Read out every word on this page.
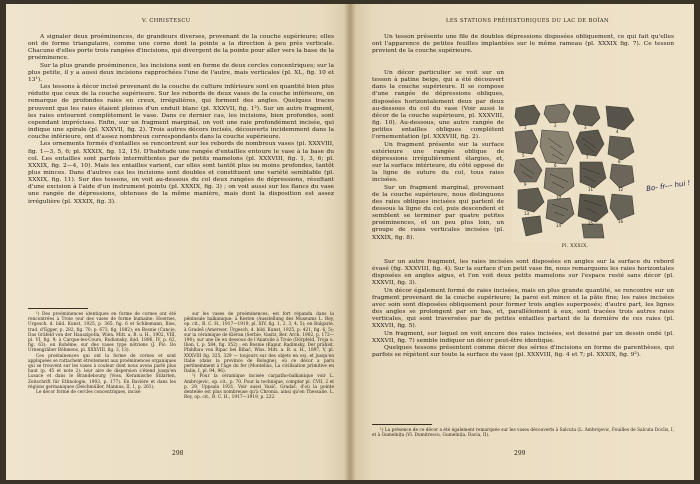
V. CHRISTESCU

A signaler deux proéminences, de grandeurs diverses, provenant de la couche supérieure; elles ont de forme triangulaire, comme une corne dont la pointe a la direction à peu près verticale. Chacune d'elles porte trois rangées d'incisions, qui divergent de la pointe pour aller vers la base de la proéminence.

Sur la plus grande proéminence, les incisions sont en forme de deux cercles concentriques; sur la plus petite, il y a aussi deux incisions rapprochées l'une de l'autre, mais verticales (pl. XL, fig. 10 et 13¹).

Les tessons à décor incisé provenant de la couche de culture inférieure sont en quantité bien plus réduite que ceux de la couche supérieure. Sur les rebords de deux vases de la couche inférieure, on remarque de profondes raies en creux, irrégulières, qui forment des angles. Quelques traces prouvent que les raies étaient pleines d'un enduit blanc (pl. XXXVII, fig. 1²). Sur un autre fragment, les raies entourent complètement le vase. Dans ce dernier cas, les incisions, bien profondes, sont cependant imprécises. Enfin, sur un fragment marginal, on voit une raie profondément incisée, qui indique une spirale (pl. XXXVII, fig. 2). Trois autres décors incisés, découverts incidemment dans la couche inférieure, ont d'assez nombreux correspondants dans la couche supérieure.

Les ornements formés d'entailles se rencontrent sur les rebords de nombreux vases (pl. XXXVIII, fig. 1—3, 5, 6; pl. XXXIX, fig. 12, 15). D'habitude une rangée d'entailles entoure le vase à la base du col. Les entailles sont parfois intermittentes par de petits mamelons (pl. XXXVIII, fig. 1, 3, 6; pl. XXXIX, fig. 2—4, 10). Mais les entailles varient, car elles sont tantôt plus ou moins profondes, tantôt plus minces. Dans d'autres cas les incisions sont doubles et constituent une variété semblable (pl. XXXIX, fig. 11). Sur des tessons, on voit au-dessous du col deux rangées de dépressions, résultant d'une excision à l'aide d'un instrument pointu (pl. XXXIX, fig. 3) ; on voit aussi sur les flancs du vase une rangée de dépressions, obtenues de la même manière, mais dont la disposition est assez irrégulière (pl. XXXIX, fig. 3).

¹) Des proéminences identiques en forme de cornes ont été rencontrées à Troie (sur des vases de forme humaine: Hoernes, Urgesch. d. bild. Kunst, 1925, p. 365, fig. 6 et Schliemann, Ilios, trad. d'Egger, p. 282, fig. 70; p. 673, fig. 1082); en Bosnie (Cancie, Das Gräfeld von der Hauszipotla, Wien. Mitt. a. B. u. H., 1902, VIII, pl. VI, fig. 9; à Carque-les-Cours, Rodionsky, ibid. 1896, IV, p. 62, fig. 63); en Bohême; sur des vases type nôtriens (J. Pic: Do Urnengräber Böhmens, pl. XXXVIII, fig. 3, 13).

Ces proéminences qui ont la forme de cornes et sont appliquées se rattachent étroitement aux proéminences organiques qui se trouvent sur les vases à couleur dont nous avons parlé plus haut (p. 45 et note 2): leur aire de dispersion s'étend jusqu'en Lusace et dans le Brandebourg (Voss, Keramische Stilarten, Zeitschrift für Ethnologie, 1903, p. 177). En Bavière et dans les régions germaniques (Deichmüller, Mannus, II, 1, p. 261).

Le décor formé de cercles concentriques, incisé

sur les vases de proéminences, est fort répandu dans la péninsule balkanique: à Kesten (Ausstellung des Museums L. Rey, op. cit., B. C. H., 1917—1919, pl. XIV, fig. 1, 2, 3, 4, 5); en Bulgarie, à Gradeš (Amerwer, Ürgesch. d. bild. Kunst, 1925, p. 421, fig. 6, 5); sur la céramique de Kiéran (Serbie, Vasitz, Ber. Arch. 1902, p. 172—190); sur une île en dessous de l'Anatolie à Troie (Dörpfeld, Troja u. Ilion, I, p. 584, fig. 352) ; en Bosnie (Kapur, Radimsky, Der prähist. Pfahlbau von Ripac bei Bihać, Wiss. Mitt. a. B. u. H., 1897, V, pl. XXXVIII fig. 325, 329 — toujours sur des objets en os), et jusqu'en Italie (dans la province de Bologne), où ce décor a paru pertinemment à l'âge du fer (Montelius, La civilisation primitive en Italie, I, pl. 94, 96).

²) Pour la céramique incisée carpatho-balkanique voir L. Ambrojevic, op. cit., p. 70. Pour la technique, compter pl. CVII, 2 et p. 29, Uppsala 1931. Voir aussi Vasić, Gradač, d'où la pointe dentelée est plus nombreuse qu'à Chronia, ainsi qu'en Thessalie. L. Rey, op. cit., B. C. H., 1917—1919, p. 222.

298
LES STATIONS PRÉHISTORIQUES DU LAC DE BOÏAN

Un tesson présente une file de doubles dépressions disposées obliquement, ce qui fait qu'elles ont l'apparence de petites feuilles implantées sur le même rameau (pl. XXXIX fig. 7). Ce tesson provient de la couche supérieure.

Un décor particulier se voit sur un tesson à patine beige, qui a été découvert dans la couche supérieure. Il se compose d'une rangée de dépressions obliques, disposées horizontalement deux par deux au-dessous du col du vase (Voir aussi le décor de la couche supérieure, pl. XXXVIII, fig. 10). Au-dessous, une autre rangée de petites entailles obliques complètent l'ornementation (pl. XXXVIII, fig. 2).

Un fragment présente sur la surface extérieure une rangée oblique de dépressions irrégulièrement élargies, et, sur la surface intérieure, du côté opposé de la ligne de suture du col, tous raies incisées.

Sur un fragment marginal, provenant de la couche supérieure, nous distinguons des raies obliques incisées qui partent de dessous la ligne du col, puis descendent et semblent se terminer par quatre petites proéminences, et un peu plus loin, un groupe de raies verticales incisées (pl. XXXIX, fig. 8).

1	2	3
4
5
6
7
8
9
10
11	12
13
14	15	16
Pl. XXXIX.
Bo- fr--- hui !

Sur un autre fragment, les raies incisées sont disposées en angles sur la surface du rebord évasé (fig. XXXVIII, fig. 4). Sur la surface d'un petit vase fin, nous remarquons les raies horizontales disposées en angles aigus, et l'on voit deux petits mamelons sur l'espace resté sans décor (pl. XXXVII, fig. 3).

Un décor également formé de raies incisées, mais en plus grande quantité, se rencontre sur un fragment provenant de la couche supérieure; la paroi est mince et la pâte fine; les raies incisées avec soin sont disposées obliquement pour former trois angles superposés; d'autre part, les lignes des angles se prolongent par en bas, et, parallèlement à eux, sont tracées trois autres raies verticales, qui sont traversées par de petites entailles partant de la dernière de ces raies (pl. XXXVII, fig. 5).

Un fragment, sur lequel on voit encore des raies incisées, est dessiné par un dessin ondé (pl. XXXVII, fig. 7) semble indiquer un décor peut-être identique.

Quelques tessons présentent comme décor des séries d'incisions en forme de parenthèses, qui parfois se répètent sur toute la surface du vase (pl. XXXVIII, fig. 4 et 7; pl. XXXIX, fig. 9²).

¹) La présence de ce décor a été également remarquée sur les vases découverts à Salcuta (L. Ambrojevic, Fouilles de Salcuta Doclis, I, et à Gumelnița (Vl. Dumitrescu, Gumelnița, Dacia, II).

299
